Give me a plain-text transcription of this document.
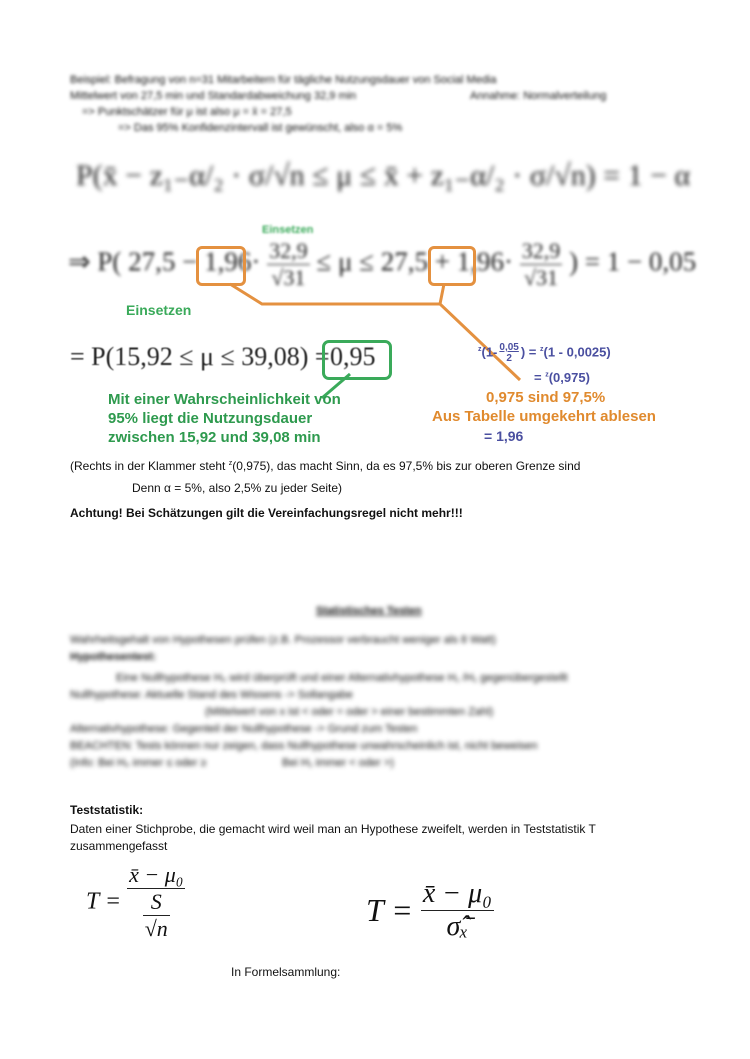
Beispiel: Befragung von n=31 Mitarbeitern für tägliche Nutzungsdauer von Social Media
Mittelwert von 27,5 min und Standardabweichung 32,9 min	Annahme: Normalverteilung
=> Punktschätzer für μ ist also μ = x̄ = 27,5
=> Das 95% Konfidenzintervall ist gewünscht, also α = 5%
P(x̄ − z₁₋α/₂ · σ/√n ≤ μ ≤ x̄ + z₁₋α/₂ · σ/√n) = 1 − α
⇒ P( $27,5 - 1,96\cdot \frac{32,9}{√31} \le \mu \le 27,5 + 1,96\cdot \frac{32,9}{√31}$ ) = 1 − 0,05
Einsetzen
Einsetzen
= P(15,92 ≤ μ ≤ 39,08) = 0,95
Mit einer Wahrscheinlichkeit von
95% liegt die Nutzungsdauer
zwischen 15,92 und 39,08 min
$^z(1- \frac{0,05}{2}$ ) = $^z$(1 - 0,0025)
= $^z$(0,975)
0,975 sind 97,5%
Aus Tabelle umgekehrt ablesen
= 1,96
(Rechts in der Klammer steht $^z$(0,975), das macht Sinn, da es 97,5% bis zur oberen Grenze sind
Denn α = 5%, also 2,5% zu jeder Seite)
Achtung! Bei Schätzungen gilt die Vereinfachungsregel nicht mehr!!!
Statistisches Testen
Wahrheitsgehalt von Hypothesen prüfen (z.B. Prozessor verbraucht weniger als 8 Watt)
Hypothesentest:
Eine Nullhypothese H₀ wird überprüft und einer Alternativhypothese H₁ /H₁ gegenübergestellt
Nullhypothese: Aktuelle Stand des Wissens -> Sollangabe
(Mittelwert von x ist < oder = oder > einer bestimmten Zahl)
Alternativhypothese: Gegenteil der Nullhypothese -> Grund zum Testen
BEACHTEN: Tests können nur zeigen, dass Nullhypothese unwahrscheinlich ist, nicht beweisen
(Info: Bei H₀ immer ≤ oder ≥	Bei H₁ immer < oder >)
Teststatistik:
Daten einer Stichprobe, die gemacht wird weil man an Hypothese zweifelt, werden in Teststatistik T
zusammengefasst
$T = \frac{\text{x̄ − μ₀}}{\frac{S}{√n}}$	$T = \frac{\text{x̄ − μ₀}}{\text{σ̂ₓ̄}}$
In Formelsammlung:
